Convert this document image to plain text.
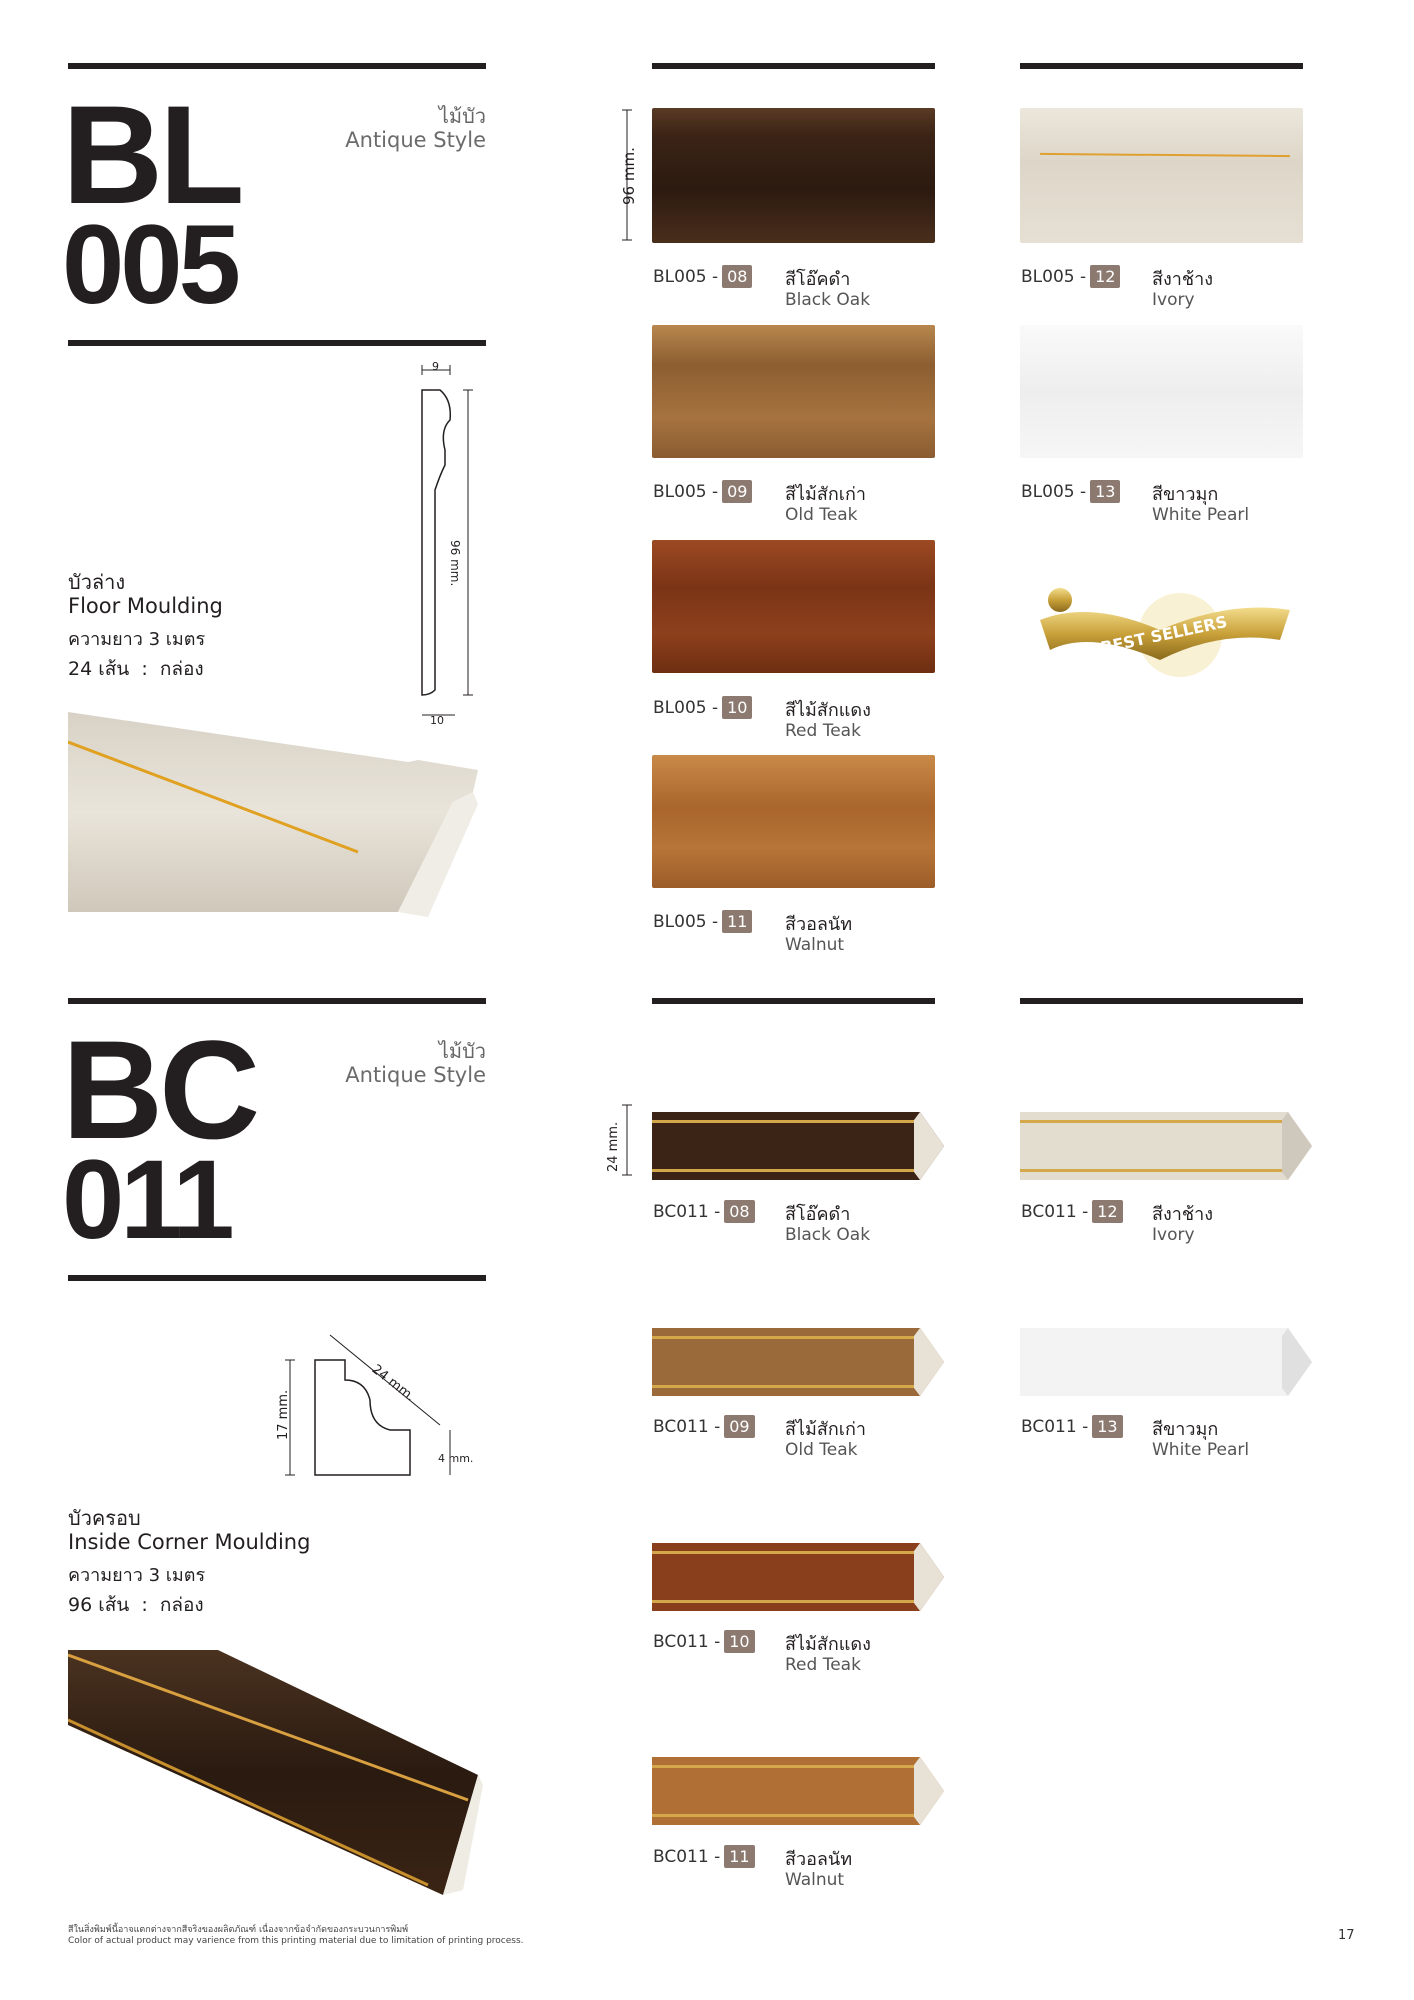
BL
005
ไม้บัว
Antique Style
9
10
96 mm.
บัวล่าง
Floor Moulding
ความยาว 3 เมตร
24 เส้น  :  กล่อง
96 mm.
BL005 - 08 สีโอ๊คดำ
Black Oak
BL005 - 09 สีไม้สักเก่า
Old Teak
BL005 - 10 สีไม้สักแดง
Red Teak
BL005 - 11 สีวอลนัท
Walnut
BL005 - 12 สีงาช้าง
Ivory
BL005 - 13 สีขาวมุก
White Pearl
BEST SELLERS
BC
011
ไม้บัว
Antique Style
17 mm.
24 mm.
4 mm.
บัวครอบ
Inside Corner Moulding
ความยาว 3 เมตร
96 เส้น  :  กล่อง
24 mm.
BC011 - 08 สีโอ๊คดำ
Black Oak
BC011 - 09 สีไม้สักเก่า
Old Teak
BC011 - 10 สีไม้สักแดง
Red Teak
BC011 - 11 สีวอลนัท
Walnut
BC011 - 12 สีงาช้าง
Ivory
BC011 - 13 สีขาวมุก
White Pearl
สีในสิ่งพิมพ์นี้อาจแตกต่างจากสีจริงของผลิตภัณฑ์ เนื่องจากข้อจำกัดของกระบวนการพิมพ์
Color of actual product may varience from this printing material due to limitation of printing process.	17
